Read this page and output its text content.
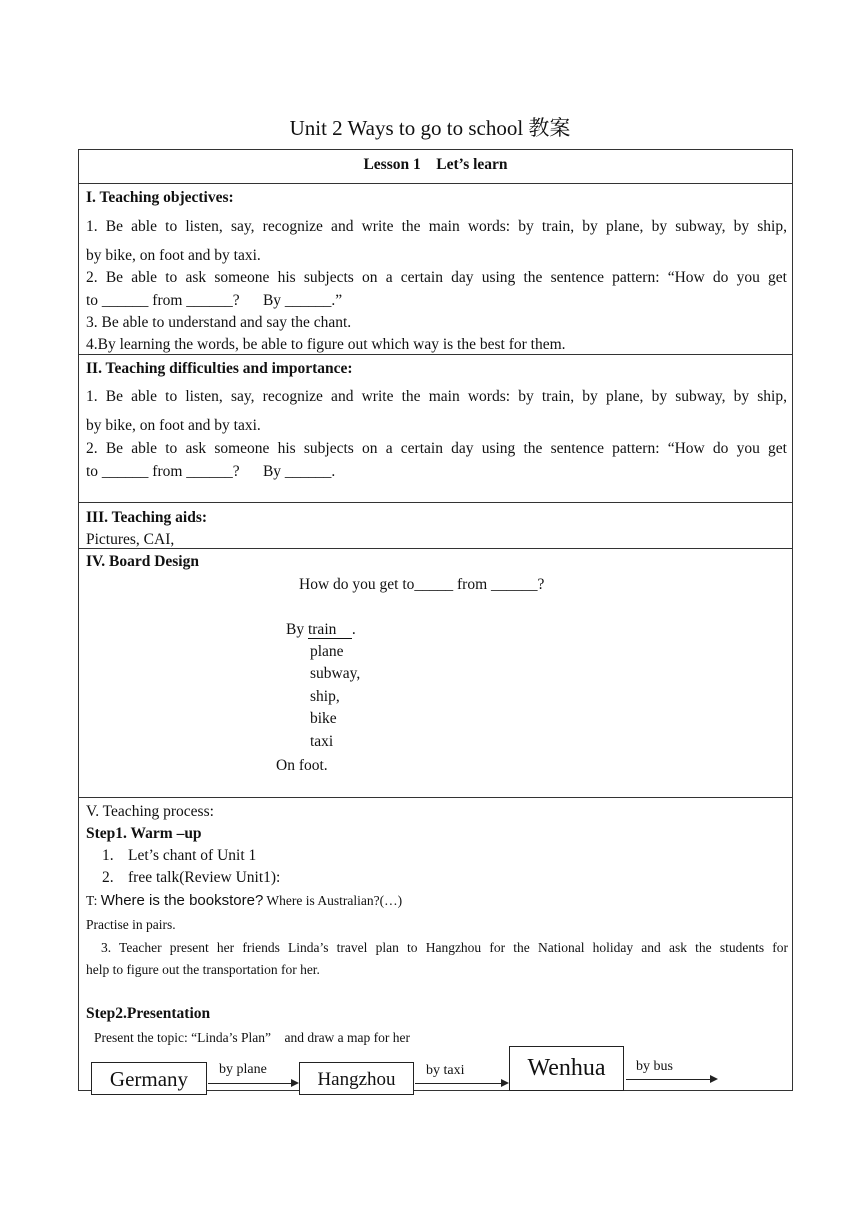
Unit 2 Ways to go to school 教案
Lesson 1    Let’s learn
I. Teaching objectives:
1. Be able to listen, say, recognize and write the main words: by train, by plane, by subway, by ship,
by bike, on foot and by taxi.
2. Be able to ask someone his subjects on a certain day using the sentence pattern: “How do you get
to ______ from ______?      By ______.”
3. Be able to understand and say the chant.
4.By learning the words, be able to figure out which way is the best for them.
II. Teaching difficulties and importance:
1. Be able to listen, say, recognize and write the main words: by train, by plane, by subway, by ship,
by bike, on foot and by taxi.
2. Be able to ask someone his subjects on a certain day using the sentence pattern: “How do you get
to ______ from ______?      By ______.
III. Teaching aids:
Pictures, CAI,
IV. Board Design
How do you get to_____ from ______?
By train .
plane
subway,
ship,
bike
taxi
On foot.
V. Teaching process:
Step1. Warm –up
1. Let’s chant of Unit 1
2. free talk(Review Unit1):
T: Where is the bookstore? Where is Australian?(…)
Practise in pairs.
3. Teacher present her friends Linda’s travel plan to Hangzhou for the National holiday and ask the students for
help to figure out the transportation for her.
Step2.Presentation
Present the topic: “Linda’s Plan”    and draw a map for her
Germany by plane	Hangzhou by taxi	Wenhua by bus
